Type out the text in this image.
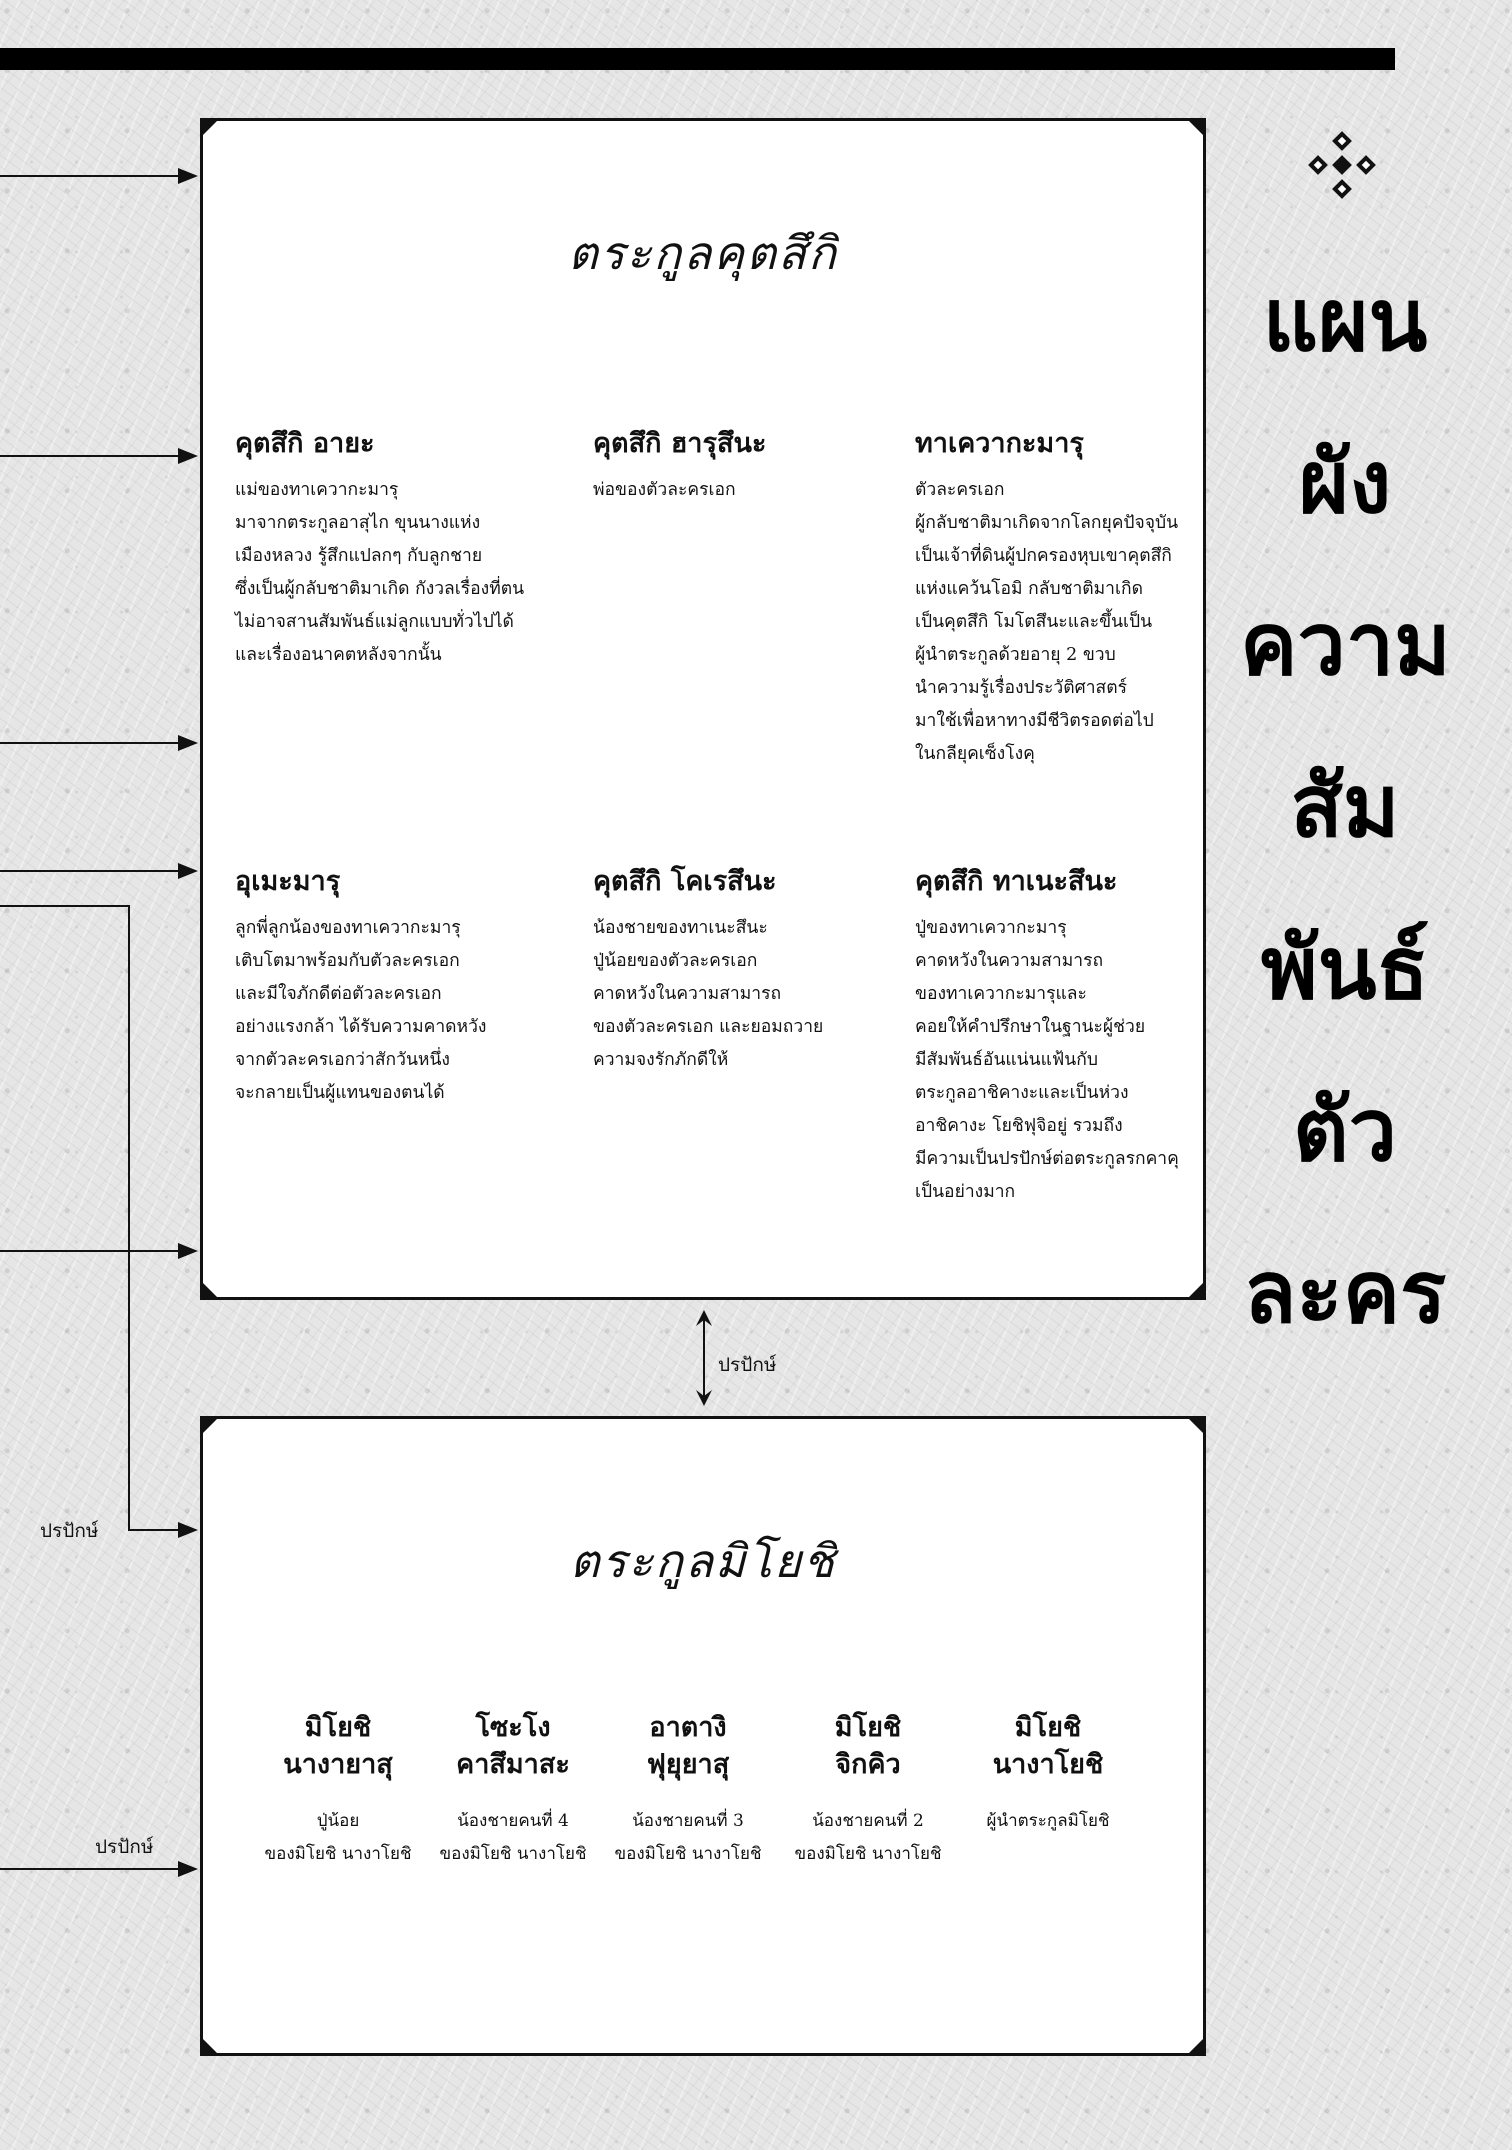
แผน
ผัง
ความ
สัม
พันธ์
ตัว
ละคร
ปรปักษ์
ปรปักษ์
ตระกูลคุตสึกิ
คุตสึกิ อายะ
แม่ของทาเควากะมารุ
มาจากตระกูลอาสุไก ขุนนางแห่ง
เมืองหลวง รู้สึกแปลกๆ กับลูกชาย
ซึ่งเป็นผู้กลับชาติมาเกิด กังวลเรื่องที่ตน
ไม่อาจสานสัมพันธ์แม่ลูกแบบทั่วไปได้
และเรื่องอนาคตหลังจากนั้น
คุตสึกิ ฮารุสึนะ
พ่อของตัวละครเอก
ทาเควากะมารุ
ตัวละครเอก
ผู้กลับชาติมาเกิดจากโลกยุคปัจจุบัน
เป็นเจ้าที่ดินผู้ปกครองหุบเขาคุตสึกิ
แห่งแคว้นโอมิ กลับชาติมาเกิด
เป็นคุตสึกิ โมโตสึนะและขึ้นเป็น
ผู้นำตระกูลด้วยอายุ 2 ขวบ
นำความรู้เรื่องประวัติศาสตร์
มาใช้เพื่อหาทางมีชีวิตรอดต่อไป
ในกลียุคเซ็งโงคุ
อุเมะมารุ
ลูกพี่ลูกน้องของทาเควากะมารุ
เติบโตมาพร้อมกับตัวละครเอก
และมีใจภักดีต่อตัวละครเอก
อย่างแรงกล้า ได้รับความคาดหวัง
จากตัวละครเอกว่าสักวันหนึ่ง
จะกลายเป็นผู้แทนของตนได้
คุตสึกิ โคเรสึนะ
น้องชายของทาเนะสึนะ
ปู่น้อยของตัวละครเอก
คาดหวังในความสามารถ
ของตัวละครเอก และยอมถวาย
ความจงรักภักดีให้
คุตสึกิ ทาเนะสึนะ
ปู่ของทาเควากะมารุ
คาดหวังในความสามารถ
ของทาเควากะมารุและ
คอยให้คำปรึกษาในฐานะผู้ช่วย
มีสัมพันธ์อันแน่นแฟ้นกับ
ตระกูลอาชิคางะและเป็นห่วง
อาชิคางะ โยชิฟุจิอยู่ รวมถึง
มีความเป็นปรปักษ์ต่อตระกูลรกคาคุ
เป็นอย่างมาก
ปรปักษ์
ตระกูลมิโยชิ
มิโยชิ
นางายาสุ
ปู่น้อย
ของมิโยชิ นางาโยชิ
โซะโง
คาสึมาสะ
น้องชายคนที่ 4
ของมิโยชิ นางาโยชิ
อาตางิ
ฟุยุยาสุ
น้องชายคนที่ 3
ของมิโยชิ นางาโยชิ
มิโยชิ
จิกคิว
น้องชายคนที่ 2
ของมิโยชิ นางาโยชิ
มิโยชิ
นางาโยชิ
ผู้นำตระกูลมิโยชิ
